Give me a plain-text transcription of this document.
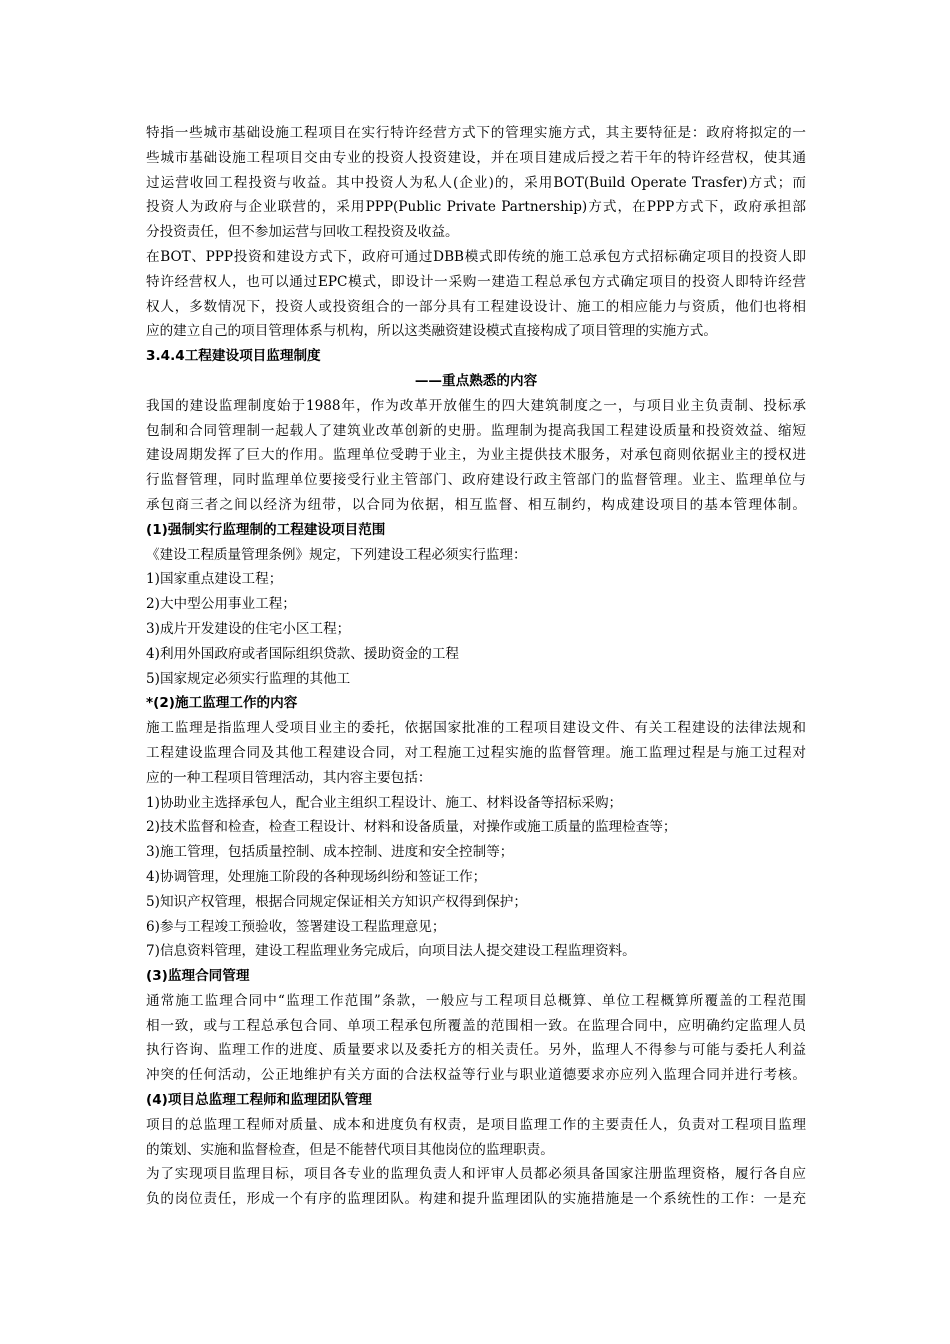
特指一些城市基础设施工程项目在实行特许经营方式下的管理实施方式，其主要特征是：政府将拟定的一
些城市基础设施工程项目交由专业的投资人投资建设，并在项目建成后授之若干年的特许经营权，使其通
过运营收回工程投资与收益。其中投资人为私人(企业)的，采用BOT(Build Operate Trasfer)方式；而
投资人为政府与企业联营的，采用PPP(Public Private Partnership)方式，在PPP方式下，政府承担部
分投资责任，但不参加运营与回收工程投资及收益。
在BOT、PPP投资和建设方式下，政府可通过DBB模式即传统的施工总承包方式招标确定项目的投资人即
特许经营权人，也可以通过EPC模式，即设计一采购一建造工程总承包方式确定项目的投资人即特许经营
权人，多数情况下，投资人或投资组合的一部分具有工程建设设计、施工的相应能力与资质，他们也将相
应的建立自己的项目管理体系与机构，所以这类融资建设模式直接构成了项目管理的实施方式。
3.4.4工程建设项目监理制度
——重点熟悉的内容
我国的建设监理制度始于1988年，作为改革开放催生的四大建筑制度之一，与项目业主负责制、投标承
包制和合同管理制一起载人了建筑业改革创新的史册。监理制为提高我国工程建设质量和投资效益、缩短
建设周期发挥了巨大的作用。监理单位受聘于业主，为业主提供技术服务，对承包商则依据业主的授权进
行监督管理，同时监理单位要接受行业主管部门、政府建设行政主管部门的监督管理。业主、监理单位与
承包商三者之间以经济为纽带，以合同为依据，相互监督、相互制约，构成建设项目的基本管理体制。
(1)强制实行监理制的工程建设项目范围
《建设工程质量管理条例》规定，下列建设工程必须实行监理：
1)国家重点建设工程；
2)大中型公用事业工程；
3)成片开发建设的住宅小区工程；
4)利用外国政府或者国际组织贷款、援助资金的工程
5)国家规定必须实行监理的其他工
*(2)施工监理工作的内容
施工监理是指监理人受项目业主的委托，依据国家批准的工程项目建设文件、有关工程建设的法律法规和
工程建设监理合同及其他工程建设合同，对工程施工过程实施的监督管理。施工监理过程是与施工过程对
应的一种工程项目管理活动，其内容主要包括：
1)协助业主选择承包人，配合业主组织工程设计、施工、材料设备等招标采购；
2)技术监督和检查，检查工程设计、材料和设备质量，对操作或施工质量的监理检查等；
3)施工管理，包括质量控制、成本控制、进度和安全控制等；
4)协调管理，处理施工阶段的各种现场纠纷和签证工作；
5)知识产权管理，根据合同规定保证相关方知识产权得到保护；
6)参与工程竣工预验收，签署建设工程监理意见；
7)信息资料管理，建设工程监理业务完成后，向项目法人提交建设工程监理资料。
(3)监理合同管理
通常施工监理合同中“监理工作范围”条款，一般应与工程项目总概算、单位工程概算所覆盖的工程范围
相一致，或与工程总承包合同、单项工程承包所覆盖的范围相一致。在监理合同中，应明确约定监理人员
执行咨询、监理工作的进度、质量要求以及委托方的相关责任。另外，监理人不得参与可能与委托人利益
冲突的任何活动，公正地维护有关方面的合法权益等行业与职业道德要求亦应列入监理合同并进行考核。
(4)项目总监理工程师和监理团队管理
项目的总监理工程师对质量、成本和进度负有权责，是项目监理工作的主要责任人，负责对工程项目监理
的策划、实施和监督检查，但是不能替代项目其他岗位的监理职责。
为了实现项目监理目标，项目各专业的监理负责人和评审人员都必须具备国家注册监理资格，履行各自应
负的岗位责任，形成一个有序的监理团队。构建和提升监理团队的实施措施是一个系统性的工作：一是充
